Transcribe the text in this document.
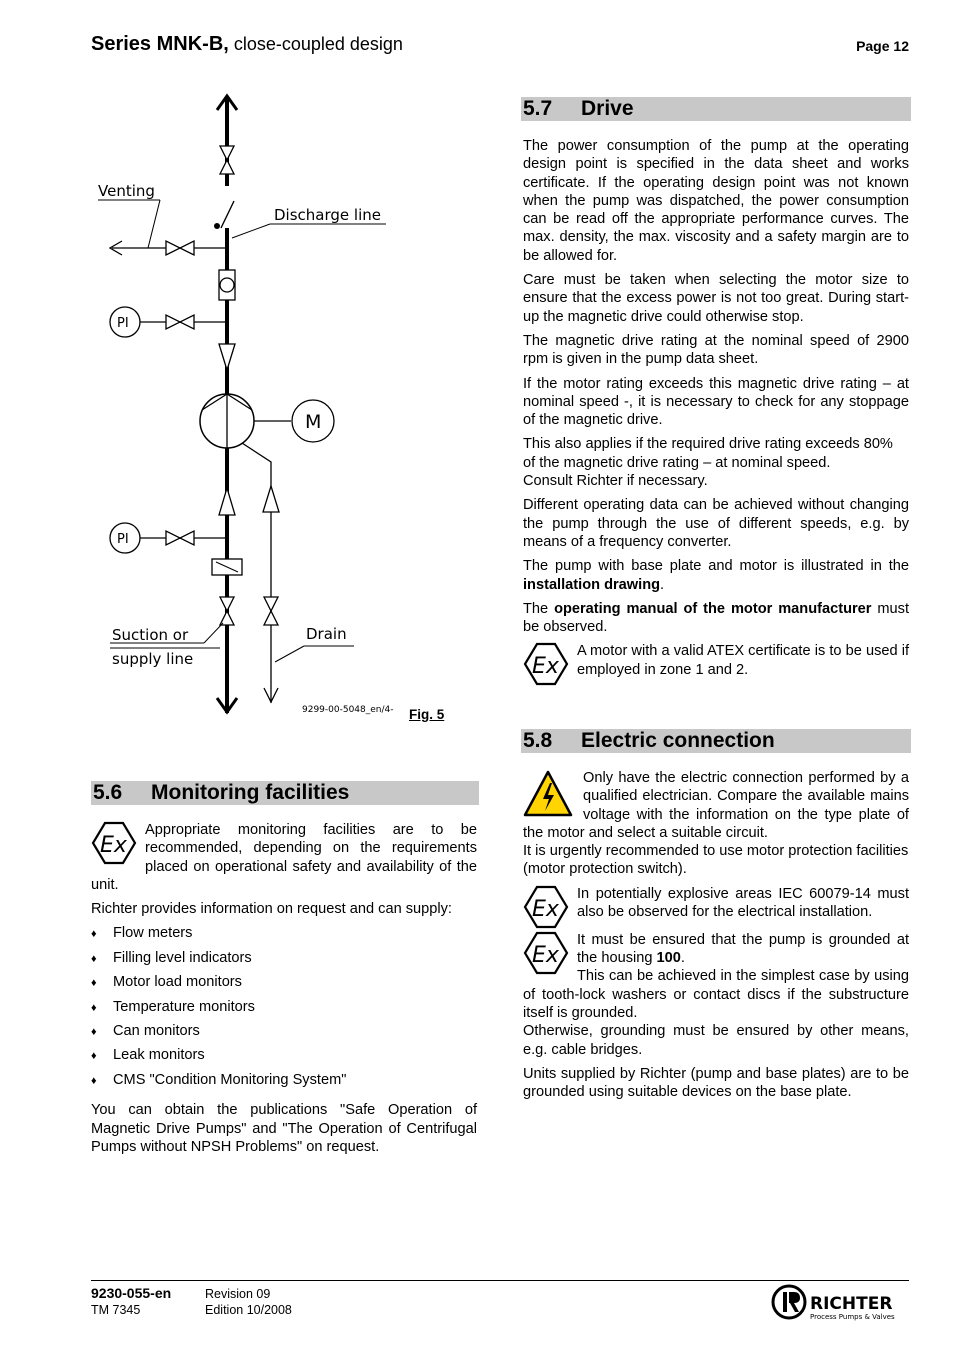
Series MNK-B, close-coupled design	Page 12
Venting
Discharge line
PI
M
PI
Suction or
supply line
Drain
9299-00-5048_en/4- Fig. 5
5.6 Monitoring facilities

Ex
Appropriate monitoring facilities are to be recommended, depending on the requirements placed on operational safety and availability of the unit.

Richter provides information on request and can supply:

♦ Flow meters
♦ Filling level indicators
♦ Motor load monitors
♦ Temperature monitors
♦ Can monitors
♦ Leak monitors
♦ CMS "Condition Monitoring System"

You can obtain the publications "Safe Operation of Magnetic Drive Pumps" and "The Operation of Centrifugal Pumps without NPSH Problems" on request.

5.7 Drive

The power consumption of the pump at the operating design point is specified in the data sheet and works certificate. If the operating design point was not known when the pump was dispatched, the power consumption can be read off the appropriate performance curves. The max. density, the max. viscosity and a safety margin are to be allowed for.

Care must be taken when selecting the motor size to ensure that the excess power is not too great. During start-up the magnetic drive could otherwise stop.

The magnetic drive rating at the nominal speed of 2900 rpm is given in the pump data sheet.

If the motor rating exceeds this magnetic drive rating – at nominal speed -, it is necessary to check for any stoppage of the magnetic drive.

This also applies if the required drive rating exceeds 80% of the magnetic drive rating – at nominal speed.
Consult Richter if necessary.

Different operating data can be achieved without changing the pump through the use of different speeds, e.g. by means of a frequency converter.

The pump with base plate and motor is illustrated in the installation drawing.

The operating manual of the motor manufacturer must be observed.

Ex
A motor with a valid ATEX certificate is to be used if employed in zone 1 and 2.

5.8 Electric connection

Only have the electric connection performed by a qualified electrician. Compare the available mains voltage with the information on the type plate of the motor and select a suitable circuit.

It is urgently recommended to use motor protection facilities (motor protection switch).

Ex
In potentially explosive areas IEC 60079-14 must also be observed for the electrical installation.

Ex
It must be ensured that the pump is grounded at the housing 100.
This can be achieved in the simplest case by using of tooth-lock washers or contact discs if the substructure itself is grounded.

Otherwise, grounding must be ensured by other means, e.g. cable bridges.

Units supplied by Richter (pump and base plates) are to be grounded using suitable devices on the base plate.

9230-055-en
TM 7345
Revision 09
Edition 10/2008	RICHTER
Process Pumps & Valves
